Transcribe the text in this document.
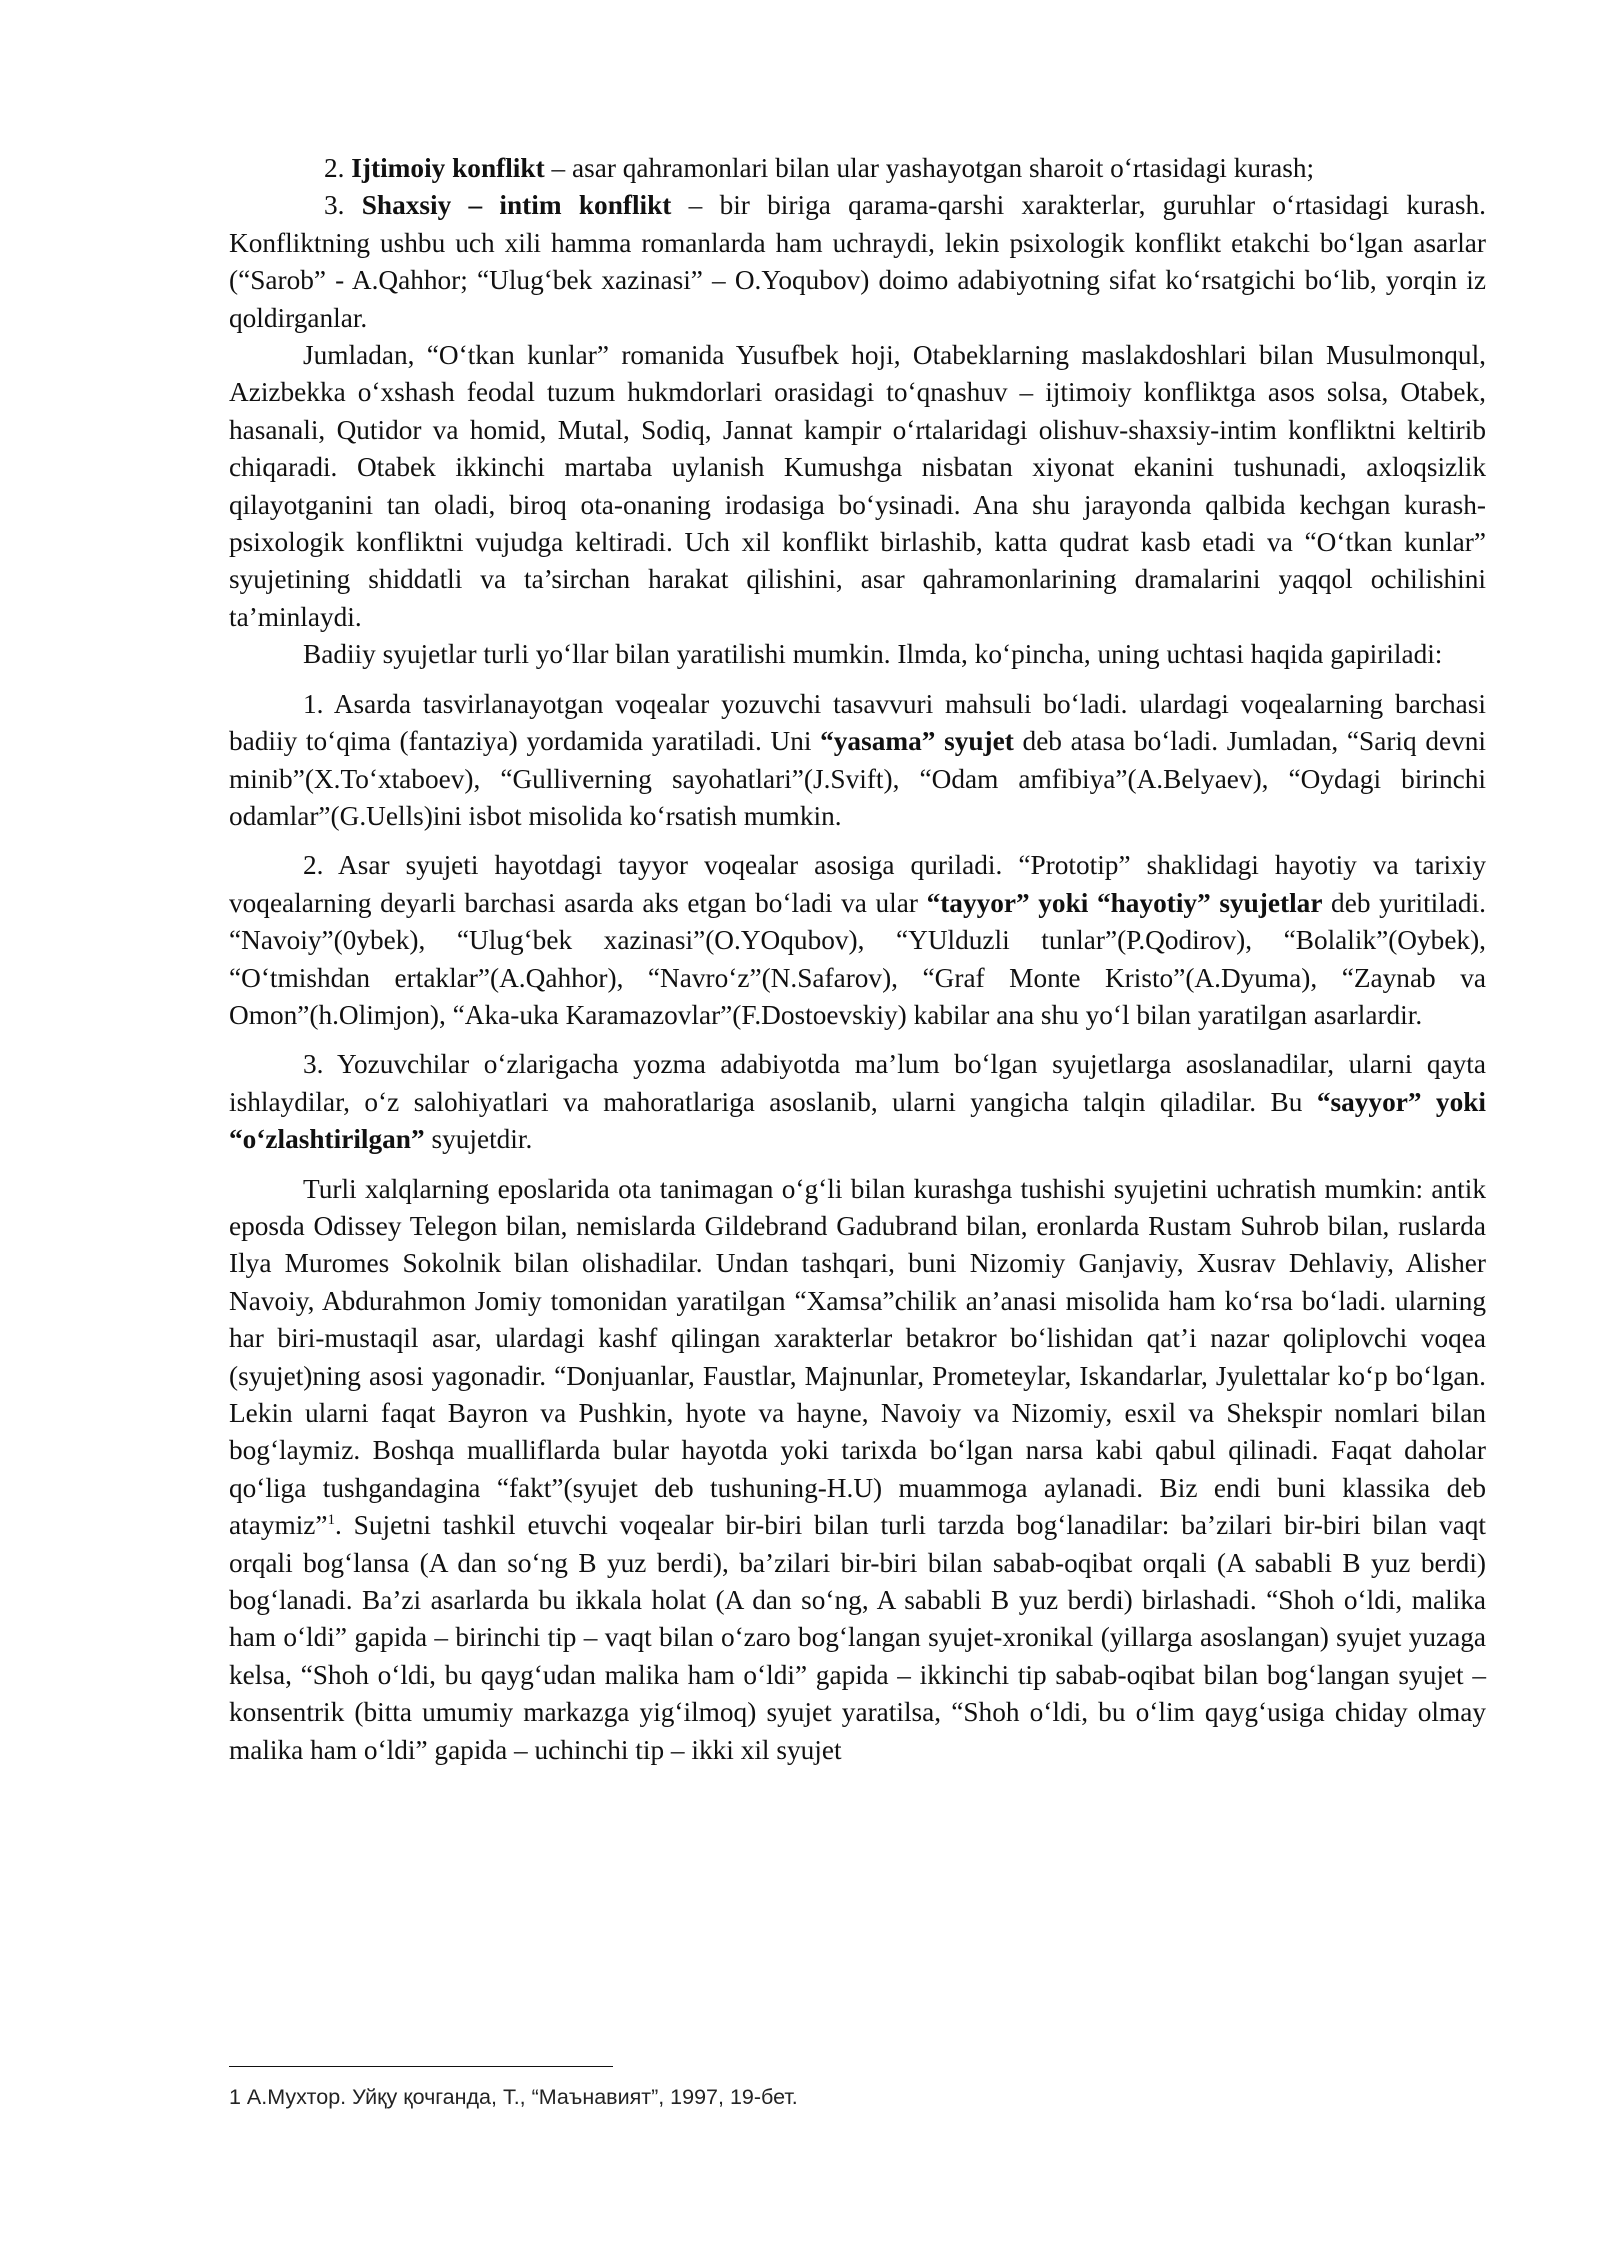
2. Ijtimoiy konflikt – asar qahramonlari bilan ular yashayotgan sharoit o‘rtasidagi kurash;

3. Shaxsiy – intim konflikt – bir biriga qarama-qarshi xarakterlar, guruhlar o‘rtasidagi kurash. Konfliktning ushbu uch xili hamma romanlarda ham uchraydi, lekin psixologik konflikt etakchi bo‘lgan asarlar (“Sarob” - A.Qahhor; “Ulug‘bek xazinasi” – O.Yoqubov) doimo adabiyotning sifat ko‘rsatgichi bo‘lib, yorqin iz qoldirganlar.

Jumladan, “O‘tkan kunlar” romanida Yusufbek hoji, Otabeklarning maslakdoshlari bilan Musulmonqul, Azizbekka o‘xshash feodal tuzum hukmdorlari orasidagi to‘qnashuv – ijtimoiy konfliktga asos solsa, Otabek, hasanali, Qutidor va homid, Mutal, Sodiq, Jannat kampir o‘rtalaridagi olishuv-shaxsiy-intim konfliktni keltirib chiqaradi. Otabek ikkinchi martaba uylanish Kumushga nisbatan xiyonat ekanini tushunadi, axloqsizlik qilayotganini tan oladi, biroq ota-onaning irodasiga bo‘ysinadi. Ana shu jarayonda qalbida kechgan kurash-psixologik konfliktni vujudga keltiradi. Uch xil konflikt birlashib, katta qudrat kasb etadi va “O‘tkan kunlar” syujetining shiddatli va ta’sirchan harakat qilishini, asar qahramonlarining dramalarini yaqqol ochilishini ta’minlaydi.

Badiiy syujetlar turli yo‘llar bilan yaratilishi mumkin. Ilmda, ko‘pincha, uning uchtasi haqida gapiriladi:

1. Asarda tasvirlanayotgan voqealar yozuvchi tasavvuri mahsuli bo‘ladi. ulardagi voqealarning barchasi badiiy to‘qima (fantaziya) yordamida yaratiladi. Uni “yasama” syujet deb atasa bo‘ladi. Jumladan, “Sariq devni minib”(X.To‘xtaboev), “Gulliverning sayohatlari”(J.Svift), “Odam amfibiya”(A.Belyaev), “Oydagi birinchi odamlar”(G.Uells)ini isbot misolida ko‘rsatish mumkin.

2. Asar syujeti hayotdagi tayyor voqealar asosiga quriladi. “Prototip” shaklidagi hayotiy va tarixiy voqealarning deyarli barchasi asarda aks etgan bo‘ladi va ular “tayyor” yoki “hayotiy” syujetlar deb yuritiladi. “Navoiy”(0ybek), “Ulug‘bek xazinasi”(O.YOqubov), “YUlduzli tunlar”(P.Qodirov), “Bolalik”(Oybek), “O‘tmishdan ertaklar”(A.Qahhor), “Navro‘z”(N.Safarov), “Graf Monte Kristo”(A.Dyuma), “Zaynab va Omon”(h.Olimjon), “Aka-uka Karamazovlar”(F.Dostoevskiy) kabilar ana shu yo‘l bilan yaratilgan asarlardir.

3. Yozuvchilar o‘zlarigacha yozma adabiyotda ma’lum bo‘lgan syujetlarga asoslanadilar, ularni qayta ishlaydilar, o‘z salohiyatlari va mahoratlariga asoslanib, ularni yangicha talqin qiladilar. Bu “sayyor” yoki “o‘zlashtirilgan” syujetdir.

Turli xalqlarning eposlarida ota tanimagan o‘g‘li bilan kurashga tushishi syujetini uchratish mumkin: antik eposda Odissey Telegon bilan, nemislarda Gildebrand Gadubrand bilan, eronlarda Rustam Suhrob bilan, ruslarda Ilya Muromes Sokolnik bilan olishadilar. Undan tashqari, buni Nizomiy Ganjaviy, Xusrav Dehlaviy, Alisher Navoiy, Abdurahmon Jomiy tomonidan yaratilgan “Xamsa”chilik an’anasi misolida ham ko‘rsa bo‘ladi. ularning har biri-mustaqil asar, ulardagi kashf qilingan xarakterlar betakror bo‘lishidan qat’i nazar qoliplovchi voqea (syujet)ning asosi yagonadir. “Donjuanlar, Faustlar, Majnunlar, Prometeylar, Iskandarlar, Jyulettalar ko‘p bo‘lgan. Lekin ularni faqat Bayron va Pushkin, hyote va hayne, Navoiy va Nizomiy, esxil va Shekspir nomlari bilan bog‘laymiz. Boshqa mualliflarda bular hayotda yoki tarixda bo‘lgan narsa kabi qabul qilinadi. Faqat daholar qo‘liga tushgandagina “fakt”(syujet deb tushuning-H.U) muammoga aylanadi. Biz endi buni klassika deb ataymiz”$^1$. Sujetni tashkil etuvchi voqealar bir-biri bilan turli tarzda bog‘lanadilar: ba’zilari bir-biri bilan vaqt orqali bog‘lansa (A dan so‘ng B yuz berdi), ba’zilari bir-biri bilan sabab-oqibat orqali (A sababli B yuz berdi) bog‘lanadi. Ba’zi asarlarda bu ikkala holat (A dan so‘ng, A sababli B yuz berdi) birlashadi. “Shoh o‘ldi, malika ham o‘ldi” gapida – birinchi tip – vaqt bilan o‘zaro bog‘langan syujet-xronikal (yillarga asoslangan) syujet yuzaga kelsa, “Shoh o‘ldi, bu qayg‘udan malika ham o‘ldi” gapida – ikkinchi tip sabab-oqibat bilan bog‘langan syujet – konsentrik (bitta umumiy markazga yig‘ilmoq) syujet yaratilsa, “Shoh o‘ldi, bu o‘lim qayg‘usiga chiday olmay malika ham o‘ldi” gapida – uchinchi tip – ikki xil syujet

1 А.Мухтор. Уйқу қочганда, Т., “Маънавият”, 1997, 19-бет.
